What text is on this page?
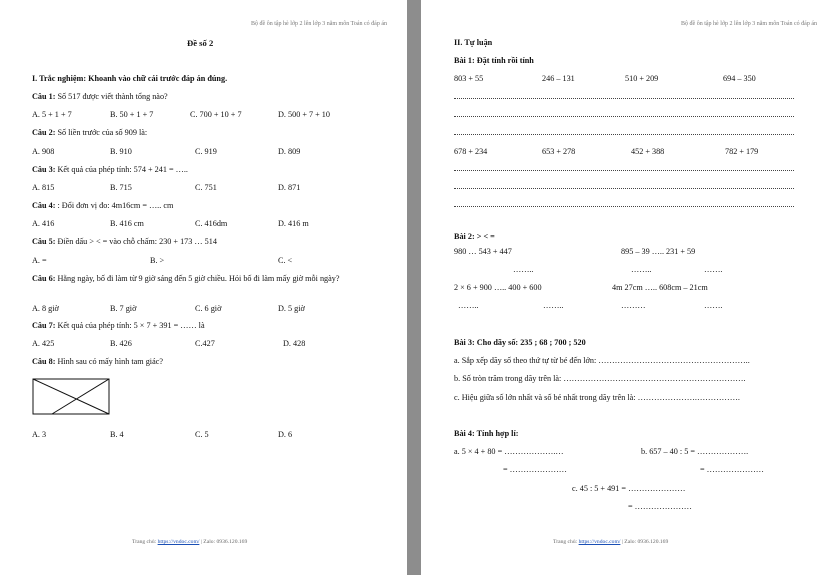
Bộ đề ôn tập hè lớp 2 lên lớp 3 năm môn Toán có đáp án
Đề số 2
I. Trắc nghiệm: Khoanh vào chữ cái trước đáp án đúng.
Câu 1: Số 517 được viết thành tổng nào?
A. 5 + 1 + 7	B. 50 + 1 + 7	C. 700 + 10 + 7	D. 500 + 7 + 10
Câu 2: Số liền trước của số 909 là:
A. 908	B. 910	C. 919	D. 809
Câu 3: Kết quả của phép tính: 574 + 241 = …..
A. 815	B. 715	C. 751	D. 871
Câu 4: : Đổi đơn vị đo: 4m16cm = ….. cm
A. 416	B. 416 cm	C. 416dm	D. 416 m
Câu 5: Điền dấu > < = vào chỗ chấm: 230 + 173 … 514
A. =	B. >	C. <
Câu 6: Hằng ngày, bố đi làm từ 9 giờ sáng đến 5 giờ chiều. Hỏi bố đi làm mấy giờ mỗi ngày?
A. 8 giờ	B. 7 giờ	C. 6 giờ	D. 5 giờ
Câu 7: Kết quả của phép tính: 5 × 7 + 391 = …… là
A. 425	B. 426	C.427	D. 428
Câu 8: Hình sau có mấy hình tam giác?
A. 3	B. 4	C. 5	D. 6
Trang chủ: https://vndoc.com/ | Zalo: 0936.120.169
Bộ đề ôn tập hè lớp 2 lên lớp 3 năm môn Toán có đáp án
II. Tự luận
Bài 1: Đặt tính rồi tính
803 + 55	246 – 131	510 + 209	694 – 350
678 + 234	653 + 278	452 + 388	782 + 179
Bài 2: > < =
980 … 543 + 447	895 – 39 ….. 231 + 59
……..	……..	…….
2 × 6 + 900 ….. 400 + 600	4m 27cm ….. 608cm – 21cm
……..	……..	………	…….
Bài 3: Cho dãy số: 235 ; 68 ; 700 ; 520
a. Sắp xếp dãy số theo thứ tự từ bé đến lớn: ………………………………………………..
b. Số tròn trăm trong dãy trên là: ………………………………………………………….
c. Hiệu giữa số lớn nhất và số bé nhất trong dãy trên là: ………………….…………….
Bài 4: Tính hợp lí:
a. 5 × 4 + 80 = ……………….…	b. 657 – 40 : 5 = ……………….
= …………………	= …………………
c. 45 : 5 + 491 = …………………
= …………………
Trang chủ: https://vndoc.com/ | Zalo: 0936.120.169
